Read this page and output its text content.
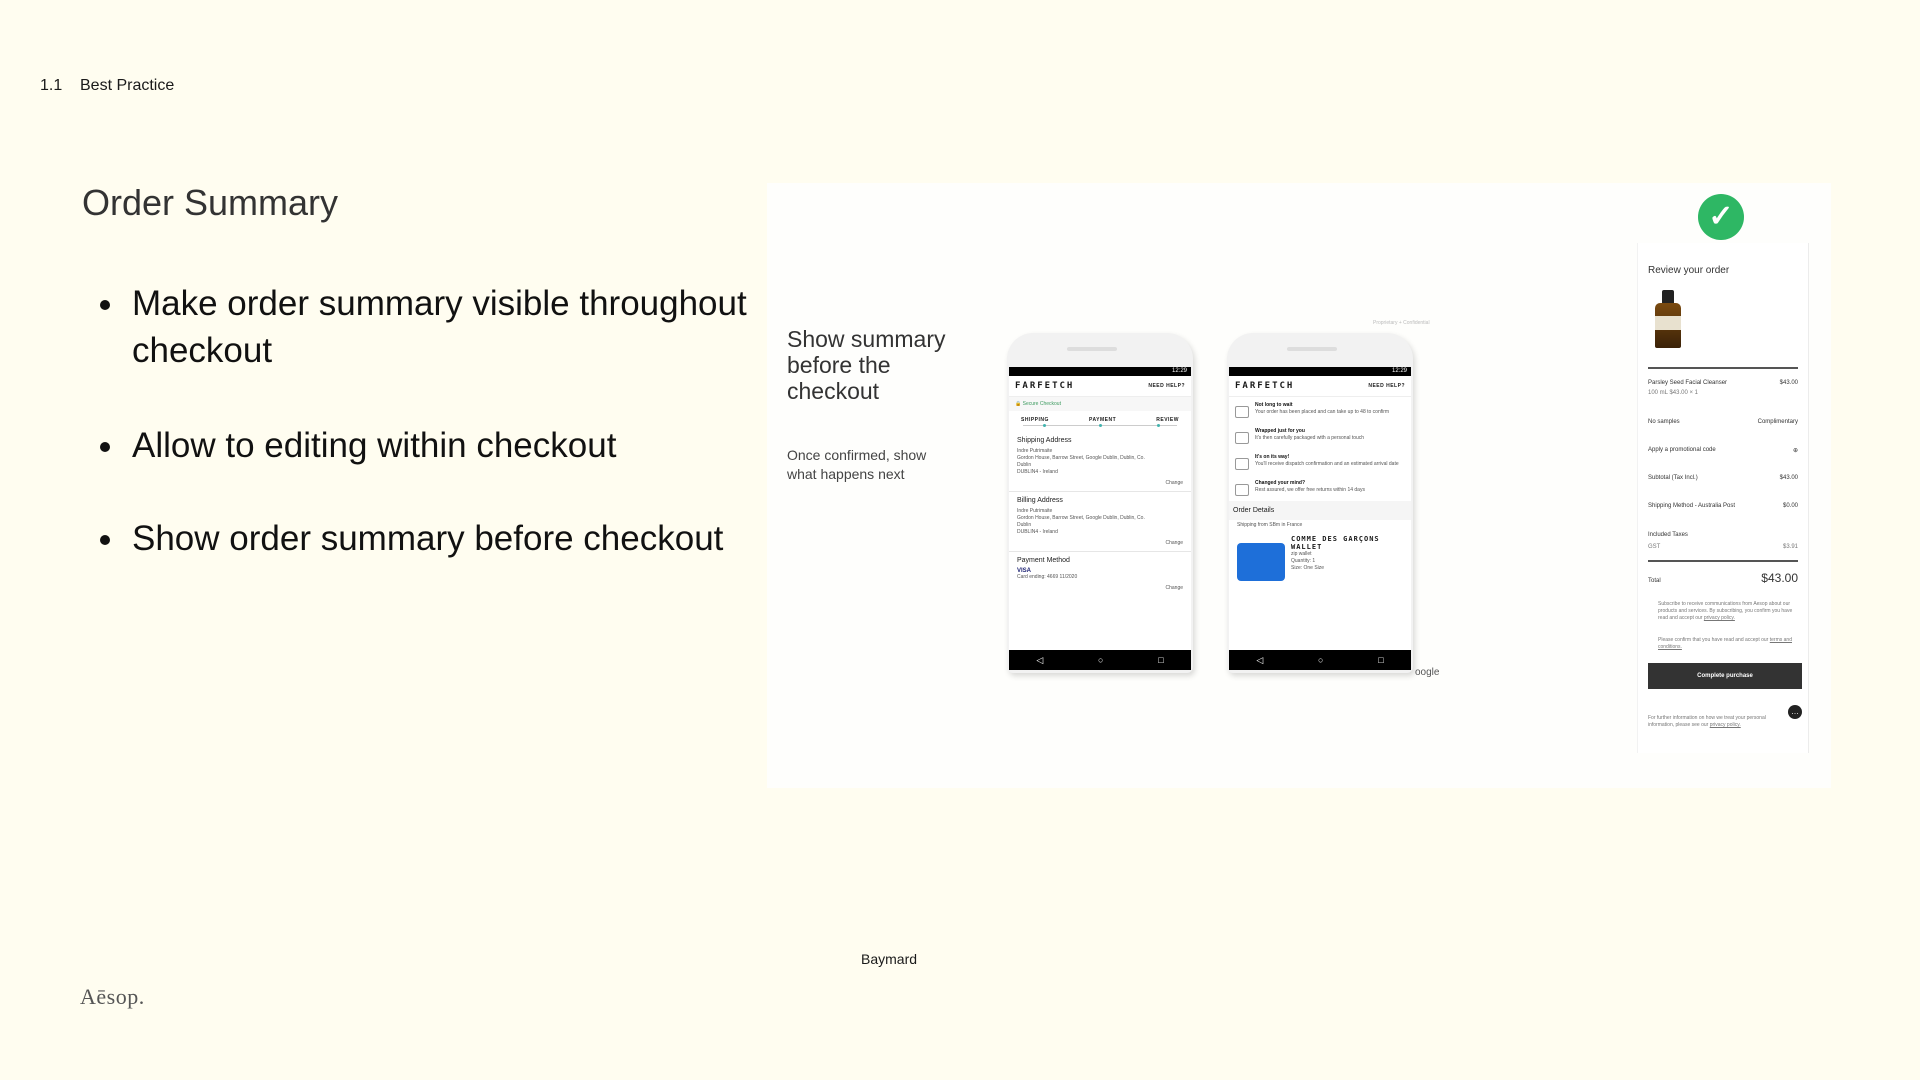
1.1 Best Practice
Order Summary
Make order summary visible throughout checkout
Allow to editing within checkout
Show order summary before checkout
Aēsop.
Baymard
Show summary before the checkout
Once confirmed, show what happens next
Proprietary + Confidential
12:29
FARFETCH	NEED HELP?
🔒 Secure Checkout
SHIPPING	PAYMENT	REVIEW
Shipping Address
Indre Putrimaite
Gordon House, Barrow Street, Google Dublin, Dublin, Co.
Dublin
DUBLIN4 - Ireland
Change
Billing Address
Indre Putrimaite
Gordon House, Barrow Street, Google Dublin, Dublin, Co.
Dublin
DUBLIN4 - Ireland
Change
Payment Method
VISA
Card ending: 4669 11/2020
Change
◁	○	□
12:29
FARFETCH	NEED HELP?
Not long to wait
Your order has been placed and can take up to 48 to confirm
Wrapped just for you
It's then carefully packaged with a personal touch
It's on its way!
You'll receive dispatch confirmation and an estimated arrival date
Changed your mind?
Rest assured, we offer free returns within 14 days
Order Details
Shipping from SBm in France
COMME DES GARÇONS WALLET
zip wallet
Quantity: 1
Size: One Size
◁	○	□
oogle
✓
Review your order
Parsley Seed Facial Cleanser	$43.00
100 mL $43.00 × 1
No samples	Complimentary
Apply a promotional code	⊕
Subtotal (Tax Incl.)	$43.00
Shipping Method - Australia Post	$0.00
Included Taxes
GST	$3.91
Total	$43.00
Subscribe to receive communications from Aesop about our products and services. By subscribing, you confirm you have read and accept our privacy policy.
Please confirm that you have read and accept our terms and conditions.
Complete purchase
For further information on how we treat your personal information, please see our privacy policy.
…
